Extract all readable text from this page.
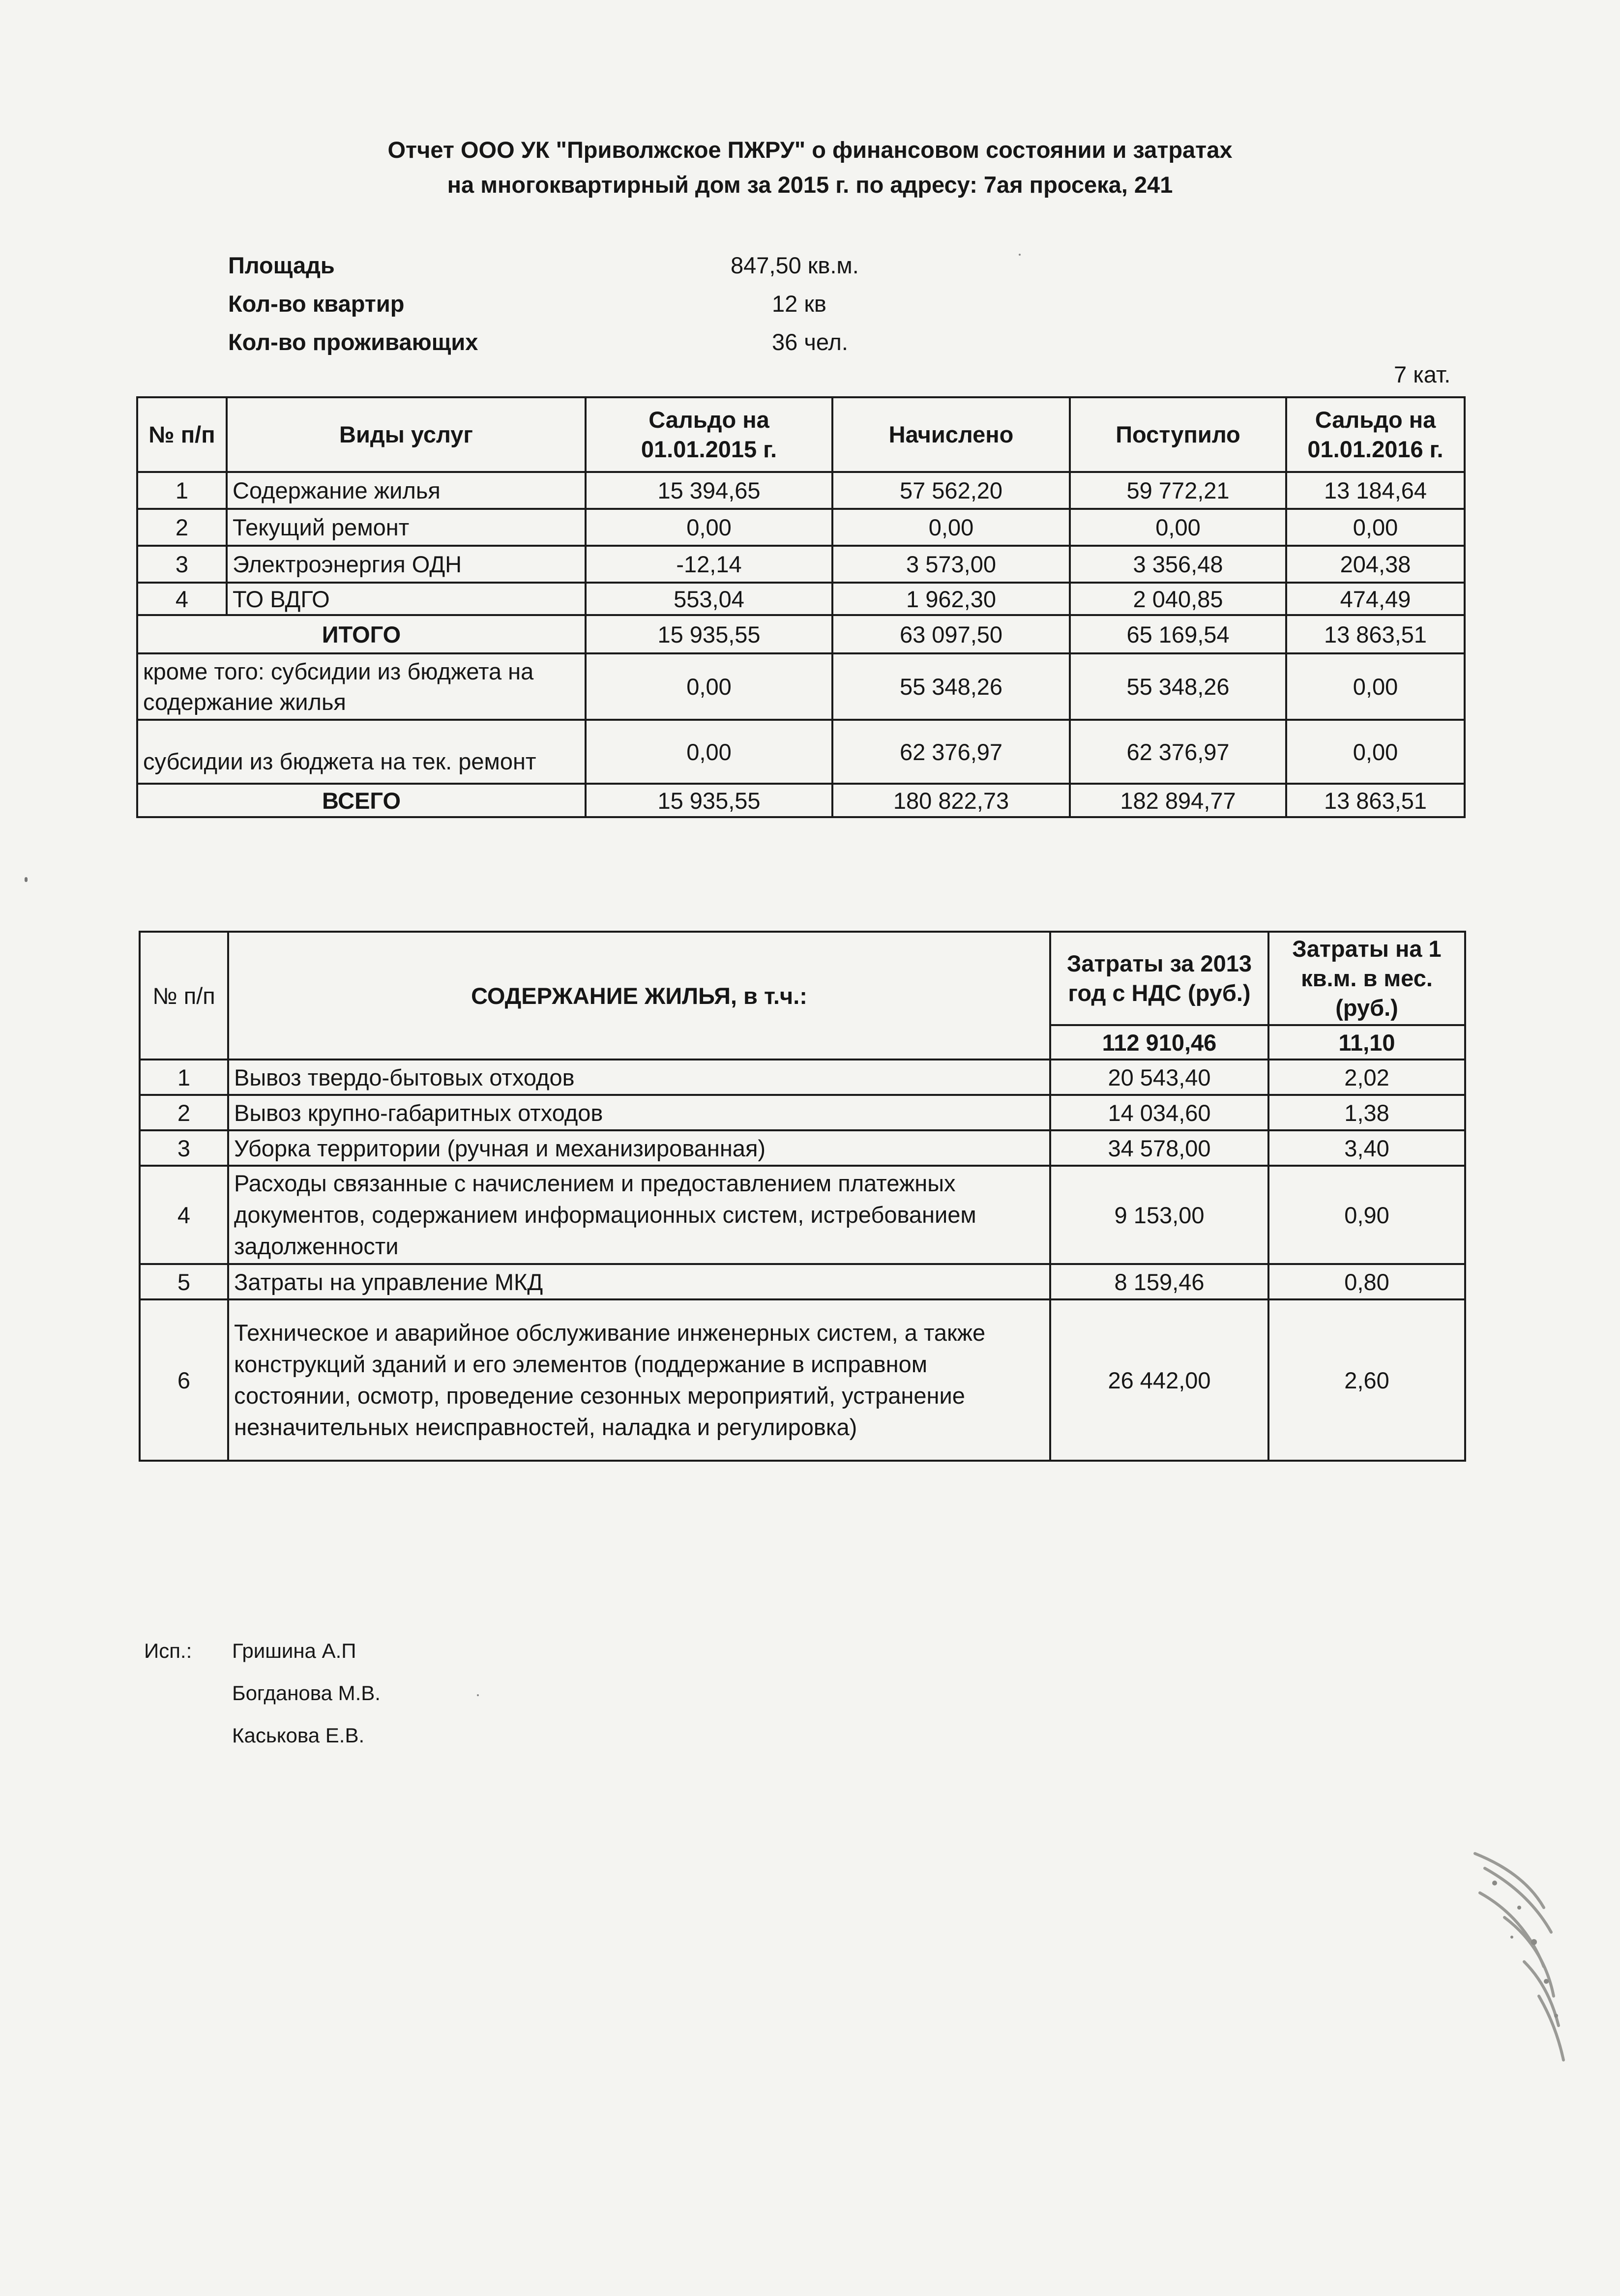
Отчет ООО УК "Приволжское ПЖРУ" о финансовом состоянии и затратах
на многоквартирный дом за 2015 г. по адресу: 7ая просека, 241
Площадь	847,50 кв.м.
Кол-во квартир	12 кв
Кол-во проживающих	36 чел.
7 кат.
№ п/п	Виды услуг	Сальдо на 01.01.2015 г.	Начислено	Поступило	Сальдо на 01.01.2016 г.
1	Содержание жилья	15 394,65	57 562,20	59 772,21	13 184,64
2	Текущий ремонт	0,00	0,00	0,00	0,00
3	Электроэнергия ОДН	-12,14	3 573,00	3 356,48	204,38
4	ТО ВДГО	553,04	1 962,30	2 040,85	474,49
ИТОГО		15 935,55	63 097,50	65 169,54	13 863,51
кроме того: субсидии из бюджета на содержание жилья		0,00	55 348,26	55 348,26	0,00
субсидии из бюджета на тек. ремонт		0,00	62 376,97	62 376,97	0,00
ВСЕГО		15 935,55	180 822,73	182 894,77	13 863,51
№ п/п	СОДЕРЖАНИЕ ЖИЛЬЯ, в т.ч.:	Затраты за 2013 год с НДС (руб.)	Затраты на 1 кв.м. в мес. (руб.)
		112 910,46	11,10
1	Вывоз твердо-бытовых отходов	20 543,40	2,02
2	Вывоз крупно-габаритных отходов	14 034,60	1,38
3	Уборка территории (ручная и механизированная)	34 578,00	3,40
4	Расходы связанные с начислением и предоставлением платежных документов, содержанием информационных систем, истребованием задолженности	9 153,00	0,90
5	Затраты на управление МКД	8 159,46	0,80
6	Техническое и аварийное обслуживание инженерных систем, а также конструкций зданий и его элементов (поддержание в исправном состоянии, осмотр, проведение сезонных мероприятий, устранение незначительных неисправностей, наладка и регулировка)	26 442,00	2,60
Исп.: Гришина А.П
Богданова М.В.
Каськова Е.В.
